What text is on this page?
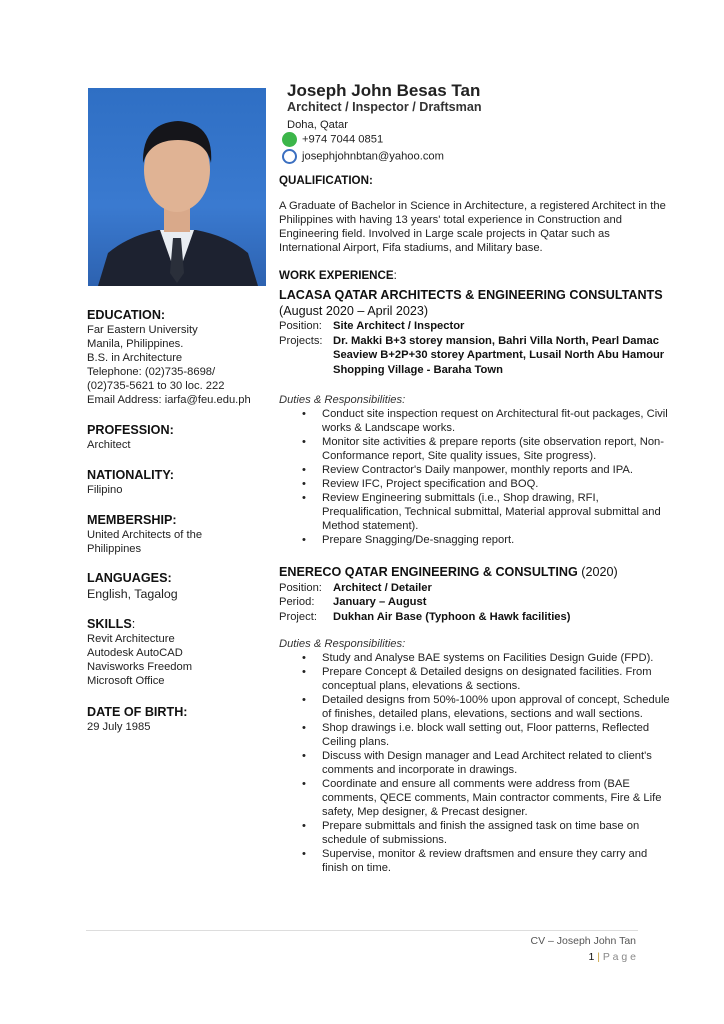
EDUCATION:
Far Eastern University
Manila, Philippines.
B.S. in Architecture
Telephone: (02)735-8698/
(02)735-5621 to 30 loc. 222
Email Address: iarfa@feu.edu.ph
PROFESSION:
Architect
NATIONALITY:
Filipino
MEMBERSHIP:
United Architects of the
Philippines
LANGUAGES:
English, Tagalog
SKILLS:
Revit Architecture
Autodesk AutoCAD
Navisworks Freedom
Microsoft Office
DATE OF BIRTH:
29 July 1985
Joseph John Besas Tan
Architect / Inspector / Draftsman
Doha, Qatar
+974 7044 0851
josephjohnbtan@yahoo.com
QUALIFICATION:
A Graduate of Bachelor in Science in Architecture, a registered Architect in the Philippines with having 13 years' total experience in Construction and Engineering field. Involved in Large scale projects in Qatar such as International Airport, Fifa stadiums, and Military base.
WORK EXPERIENCE:
LACASA QATAR ARCHITECTS & ENGINEERING CONSULTANTS (August 2020 – April 2023)
Position: Site Architect / Inspector
Projects: Dr. Makki B+3 storey mansion, Bahri Villa North, Pearl Damac Seaview B+2P+30 storey Apartment, Lusail North Abu Hamour Shopping Village - Baraha Town
Duties & Responsibilities:
• Conduct site inspection request on Architectural fit-out packages, Civil works & Landscape works.
• Monitor site activities & prepare reports (site observation report, Non-Conformance report, Site quality issues, Site progress).
• Review Contractor's Daily manpower, monthly reports and IPA.
• Review IFC, Project specification and BOQ.
• Review Engineering submittals (i.e., Shop drawing, RFI, Prequalification, Technical submittal, Material approval submittal and Method statement).
• Prepare Snagging/De-snagging report.
ENERECO QATAR ENGINEERING & CONSULTING (2020)
Position: Architect / Detailer
Period:	January – August
Project:	Dukhan Air Base (Typhoon & Hawk facilities)
Duties & Responsibilities:
• Study and Analyse BAE systems on Facilities Design Guide (FPD).
• Prepare Concept & Detailed designs on designated facilities. From conceptual plans, elevations & sections.
• Detailed designs from 50%-100% upon approval of concept, Schedule of finishes, detailed plans, elevations, sections and wall sections.
• Shop drawings i.e. block wall setting out, Floor patterns, Reflected Ceiling plans.
• Discuss with Design manager and Lead Architect related to client's comments and incorporate in drawings.
• Coordinate and ensure all comments were address from (BAE comments, QECE comments, Main contractor comments, Fire & Life safety, Mep designer, & Precast designer.
• Prepare submittals and finish the assigned task on time base on schedule of submissions.
• Supervise, monitor & review draftsmen and ensure they carry and finish on time.
CV – Joseph John Tan
1 | P a g e
